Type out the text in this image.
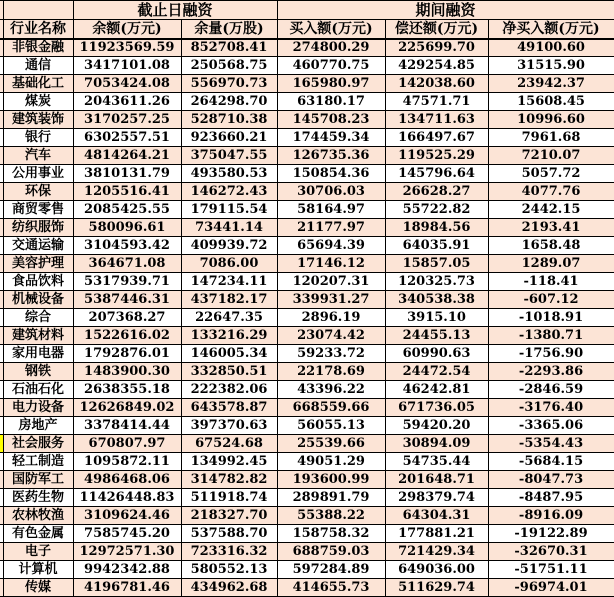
		截止日融资		期间融资		
	行业名称	余额(万元)	余量(万股)	买入额(万元)	偿还额(万元)	净买入额(万元)
	非银金融	11923569.59	852708.41	274800.29	225699.70	49100.60
	通信	3417101.08	250568.75	460770.75	429254.85	31515.90
	基础化工	7053424.08	556970.73	165980.97	142038.60	23942.37
	煤炭	2043611.26	264298.70	63180.17	47571.71	15608.45
	建筑装饰	3170257.25	528710.38	145708.23	134711.63	10996.60
	银行	6302557.51	923660.21	174459.34	166497.67	7961.68
	汽车	4814264.21	375047.55	126735.36	119525.29	7210.07
	公用事业	3810131.79	493580.53	150854.36	145796.64	5057.72
	环保	1205516.41	146272.43	30706.03	26628.27	4077.76
	商贸零售	2085425.55	179115.54	58164.97	55722.82	2442.15
	纺织服饰	580096.61	73441.14	21177.97	18984.56	2193.41
	交通运输	3104593.42	409939.72	65694.39	64035.91	1658.48
	美容护理	364671.08	7086.00	17146.12	15857.05	1289.07
	食品饮料	5317939.71	147234.11	120207.31	120325.73	-118.41
	机械设备	5387446.31	437182.17	339931.27	340538.38	-607.12
	综合	207368.27	22647.35	2896.19	3915.10	-1018.91
	建筑材料	1522616.02	133216.29	23074.42	24455.13	-1380.71
	家用电器	1792876.01	146005.34	59233.72	60990.63	-1756.90
	钢铁	1483900.30	332850.51	22178.69	24472.54	-2293.86
	石油石化	2638355.18	222382.06	43396.22	46242.81	-2846.59
	电力设备	12626849.02	643578.87	668559.66	671736.05	-3176.40
	房地产	3378414.44	397370.63	56055.13	59420.20	-3365.06
	社会服务	670807.97	67524.68	25539.66	30894.09	-5354.43
	轻工制造	1095872.11	134992.45	49051.29	54735.44	-5684.15
	国防军工	4986468.06	314782.82	193600.99	201648.71	-8047.73
	医药生物	11426448.83	511918.74	289891.79	298379.74	-8487.95
	农林牧渔	3109624.46	218327.70	55388.22	64304.31	-8916.09
	有色金属	7585745.20	537588.70	158758.32	177881.21	-19122.89
	电子	12972571.30	723316.32	688759.03	721429.34	-32670.31
	计算机	9942342.88	580552.13	597284.89	649036.00	-51751.11
	传媒	4196781.46	434962.68	414655.73	511629.74	-96974.01
